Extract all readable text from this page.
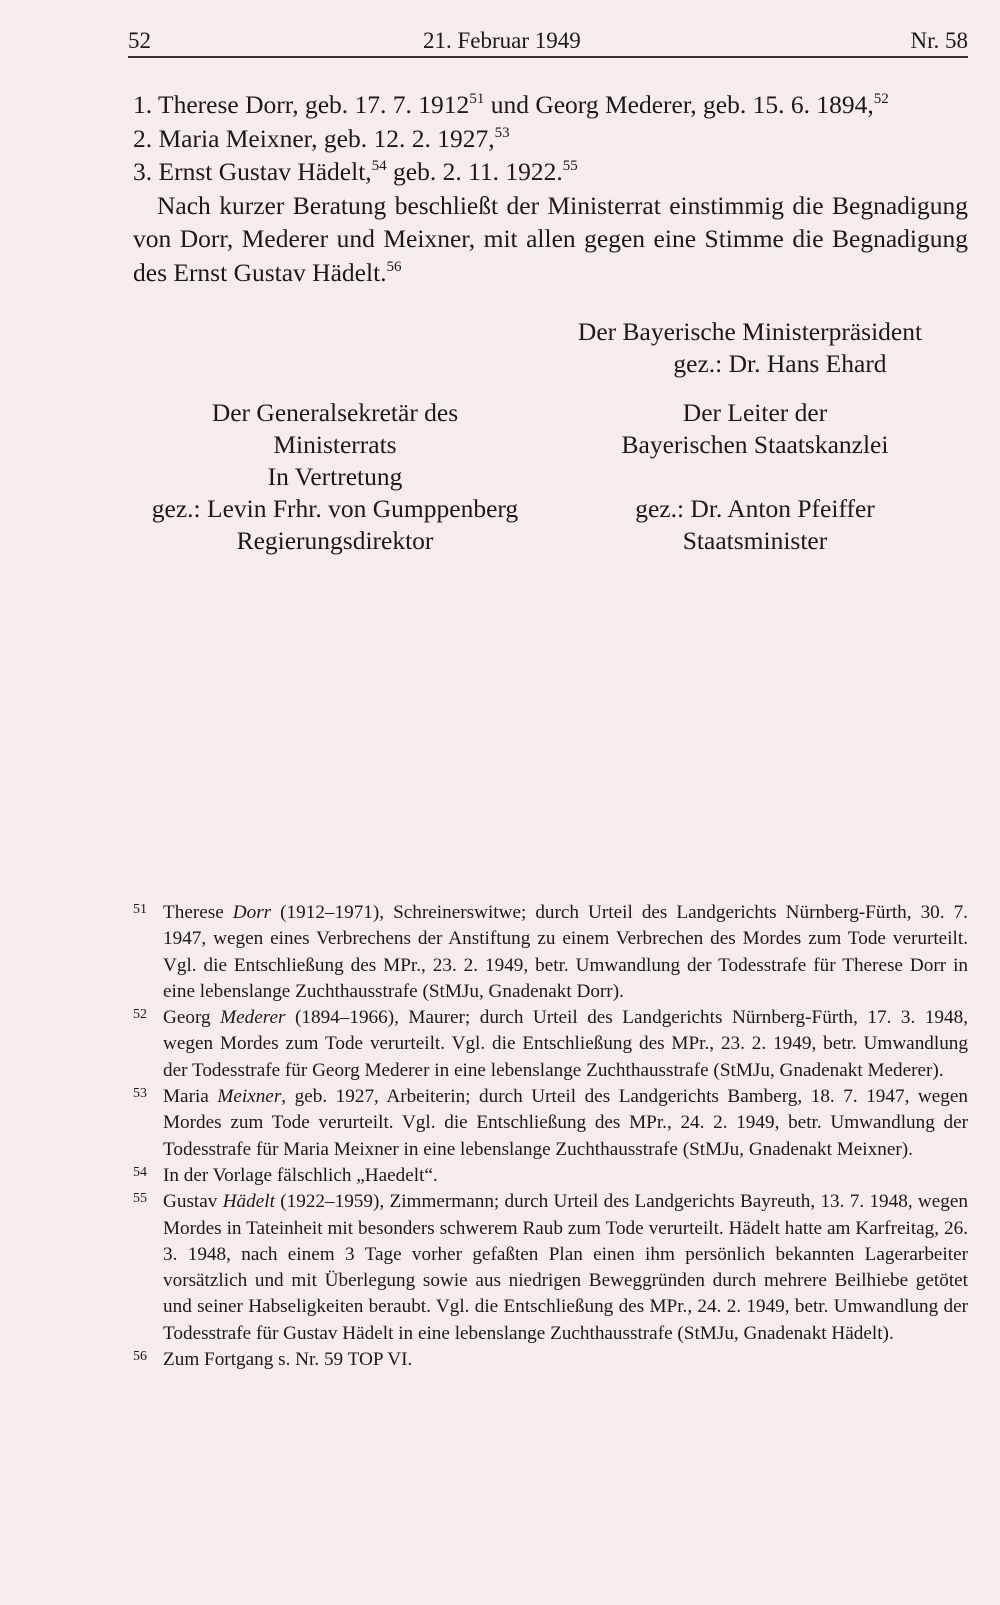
52	21. Februar 1949	Nr. 58
1. Therese Dorr, geb. 17. 7. 1912$^{51}$ und Georg Mederer, geb. 15. 6. 1894,52
2. Maria Meixner, geb. 12. 2. 1927,53
3. Ernst Gustav Hädelt,$^{54}$ geb. 2. 11. 1922.55
Nach kurzer Beratung beschließt der Ministerrat einstimmig die Begnadigung von Dorr, Mederer und Meixner, mit allen gegen eine Stimme die Begnadigung des Ernst Gustav Hädelt.$^{56}$
Der Bayerische Ministerpräsident
gez.: Dr. Hans Ehard
Der Generalsekretär des
Ministerrats
In Vertretung
gez.: Levin Frhr. von Gumppenberg
Regierungsdirektor
Der Leiter der
Bayerischen Staatskanzlei
gez.: Dr. Anton Pfeiffer
Staatsminister
51 Therese Dorr (1912–1971), Schreinerswitwe; durch Urteil des Landgerichts Nürnberg-Fürth, 30. 7. 1947, wegen eines Verbrechens der Anstiftung zu einem Verbrechen des Mordes zum Tode verurteilt. Vgl. die Entschließung des MPr., 23. 2. 1949, betr. Umwandlung der Todesstrafe für Therese Dorr in eine lebenslange Zuchthausstrafe (StMJu, Gnadenakt Dorr).
52 Georg Mederer (1894–1966), Maurer; durch Urteil des Landgerichts Nürnberg-Fürth, 17. 3. 1948, wegen Mordes zum Tode verurteilt. Vgl. die Entschließung des MPr., 23. 2. 1949, betr. Umwandlung der Todesstrafe für Georg Mederer in eine lebenslange Zuchthausstrafe (StMJu, Gnadenakt Mederer).
53 Maria Meixner, geb. 1927, Arbeiterin; durch Urteil des Landgerichts Bamberg, 18. 7. 1947, wegen Mordes zum Tode verurteilt. Vgl. die Entschließung des MPr., 24. 2. 1949, betr. Umwandlung der Todesstrafe für Maria Meixner in eine lebenslange Zuchthausstrafe (StMJu, Gnadenakt Meixner).
54 In der Vorlage fälschlich „Haedelt“.
55 Gustav Hädelt (1922–1959), Zimmermann; durch Urteil des Landgerichts Bayreuth, 13. 7. 1948, wegen Mordes in Tateinheit mit besonders schwerem Raub zum Tode verurteilt. Hädelt hatte am Karfreitag, 26. 3. 1948, nach einem 3 Tage vorher gefaßten Plan einen ihm persönlich bekannten Lagerarbeiter vorsätzlich und mit Überlegung sowie aus niedrigen Beweggründen durch mehrere Beilhiebe getötet und seiner Habseligkeiten beraubt. Vgl. die Entschließung des MPr., 24. 2. 1949, betr. Umwandlung der Todesstrafe für Gustav Hädelt in eine lebenslange Zuchthausstrafe (StMJu, Gnadenakt Hädelt).
56 Zum Fortgang s. Nr. 59 TOP VI.
